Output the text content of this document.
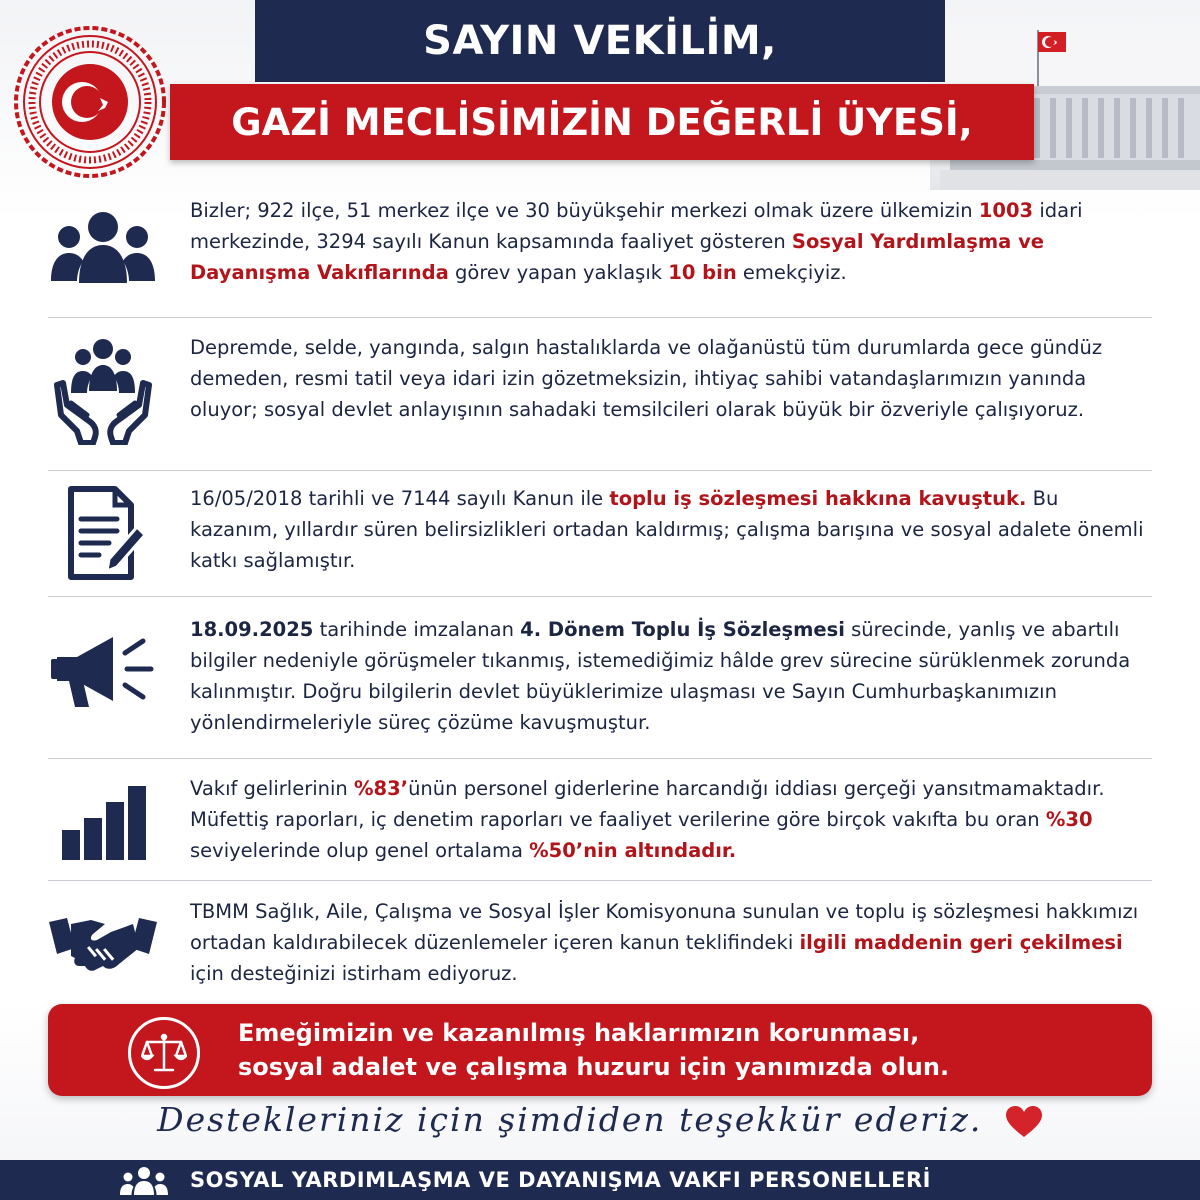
SAYIN VEKİLİM,
GAZİ MECLİSİMİZİN DEĞERLİ ÜYESİ,
Bizler; 922 ilçe, 51 merkez ilçe ve 30 büyükşehir merkezi olmak üzere ülkemizin 1003 idari merkezinde, 3294 sayılı Kanun kapsamında faaliyet gösteren Sosyal Yardımlaşma ve Dayanışma Vakıflarında görev yapan yaklaşık 10 bin emekçiyiz.
Depremde, selde, yangında, salgın hastalıklarda ve olağanüstü tüm durumlarda gece gündüz demeden, resmi tatil veya idari izin gözetmeksizin, ihtiyaç sahibi vatandaşlarımızın yanında oluyor; sosyal devlet anlayışının sahadaki temsilcileri olarak büyük bir özveriyle çalışıyoruz.
16/05/2018 tarihli ve 7144 sayılı Kanun ile toplu iş sözleşmesi hakkına kavuştuk. Bu kazanım, yıllardır süren belirsizlikleri ortadan kaldırmış; çalışma barışına ve sosyal adalete önemli katkı sağlamıştır.
18.09.2025 tarihinde imzalanan 4. Dönem Toplu İş Sözleşmesi sürecinde, yanlış ve abartılı bilgiler nedeniyle görüşmeler tıkanmış, istemediğimiz hâlde grev sürecine sürüklenmek zorunda kalınmıştır. Doğru bilgilerin devlet büyüklerimize ulaşması ve Sayın Cumhurbaşkanımızın yönlendirmeleriyle süreç çözüme kavuşmuştur.
Vakıf gelirlerinin %83’ünün personel giderlerine harcandığı iddiası gerçeği yansıtmamaktadır. Müfettiş raporları, iç denetim raporları ve faaliyet verilerine göre birçok vakıfta bu oran %30 seviyelerinde olup genel ortalama %50’nin altındadır.
TBMM Sağlık, Aile, Çalışma ve Sosyal İşler Komisyonuna sunulan ve toplu iş sözleşmesi hakkımızı ortadan kaldırabilecek düzenlemeler içeren kanun teklifindeki ilgili maddenin geri çekilmesi için desteğinizi istirham ediyoruz.
Emeğimizin ve kazanılmış haklarımızın korunması,
sosyal adalet ve çalışma huzuru için yanımızda olun.
Destekleriniz için şimdiden teşekkür ederiz.
SOSYAL YARDIMLAŞMA VE DAYANIŞMA VAKFI PERSONELLERİ
